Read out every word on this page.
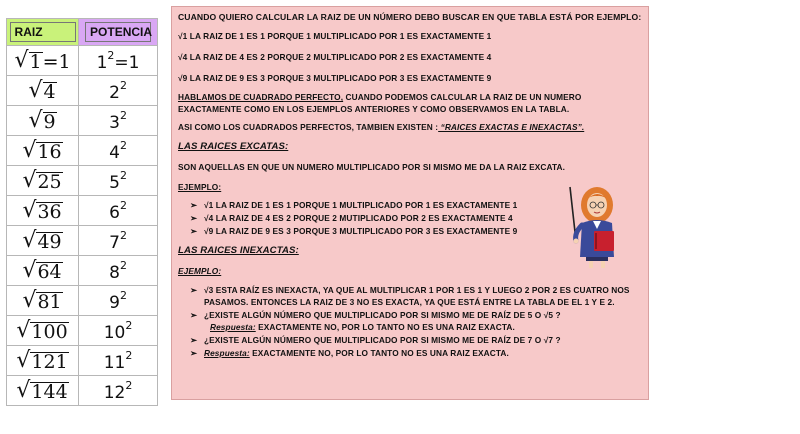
RAIZ	POTENCIA

√ 1 =1	$1^2=1$

√ 4	$2^2$

√ 9	$3^2$

√ 16	$4^2$

√ 25	$5^2$

√ 36	$6^2$

√ 49	$7^2$

√ 64	$8^2$

√ 81	$9^2$

√ 100	$10^2$

√ 121	$11^2$

√ 144	$12^2$

CUANDO QUIERO CALCULAR LA RAIZ DE UN NÚMERO DEBO BUSCAR EN QUE TABLA ESTÁ POR EJEMPLO:

√1 LA RAIZ DE 1 ES 1 PORQUE 1 MULTIPLICADO POR 1 ES EXACTAMENTE 1

√4 LA RAIZ DE 4 ES 2 PORQUE 2 MULTIPLICADO POR 2 ES EXACTAMENTE 4

√9 LA RAIZ DE 9 ES 3 PORQUE 3 MULTIPLICADO POR 3 ES EXACTAMENTE 9

HABLAMOS DE CUADRADO PERFECTO, CUANDO PODEMOS CALCULAR LA RAIZ DE UN NUMERO

EXACTAMENTE COMO EN LOS EJEMPLOS ANTERIORES Y COMO OBSERVAMOS EN LA TABLA.

ASI COMO LOS CUADRADOS PERFECTOS, TAMBIEN EXISTEN : “RAICES EXACTAS E INEXACTAS”.

LAS RAICES EXCATAS:

SON AQUELLAS EN QUE UN NUMERO MULTIPLICADO POR SI MISMO ME DA LA RAIZ EXCATA.

EJEMPLO:

➢ √1 LA RAIZ DE 1 ES 1 PORQUE 1 MULTIPLICADO POR 1 ES EXACTAMENTE 1

➢ √4 LA RAIZ DE 4 ES 2 PORQUE 2 MUTIPLICADO POR 2 ES EXACTAMENTE 4

➢ √9 LA RAIZ DE 9 ES 3 PORQUE 3 MULTIPLICADO POR 3 ES EXACTAMENTE 9

LAS RAICES INEXACTAS:

EJEMPLO:

➢ √3 ESTA RAÍZ ES INEXACTA, YA QUE AL MULTIPLICAR 1 POR 1 ES 1 Y LUEGO 2 POR 2 ES CUATRO NOS

PASAMOS. ENTONCES LA RAIZ DE 3 NO ES EXACTA, YA QUE ESTÁ ENTRE LA TABLA DE EL 1 Y E 2.

➢ ¿EXISTE ALGÚN NÚMERO QUE MULTIPLICADO POR SI MISMO ME DE RAÍZ DE 5 O √5 ?

Respuesta: EXACTAMENTE NO, POR LO TANTO NO ES UNA RAIZ EXACTA.

➢ ¿EXISTE ALGÚN NÚMERO QUE MULTIPLICADO POR SI MISMO ME DE RAÍZ DE 7 O √7 ?

➢ Respuesta: EXACTAMENTE NO, POR LO TANTO NO ES UNA RAIZ EXACTA.
